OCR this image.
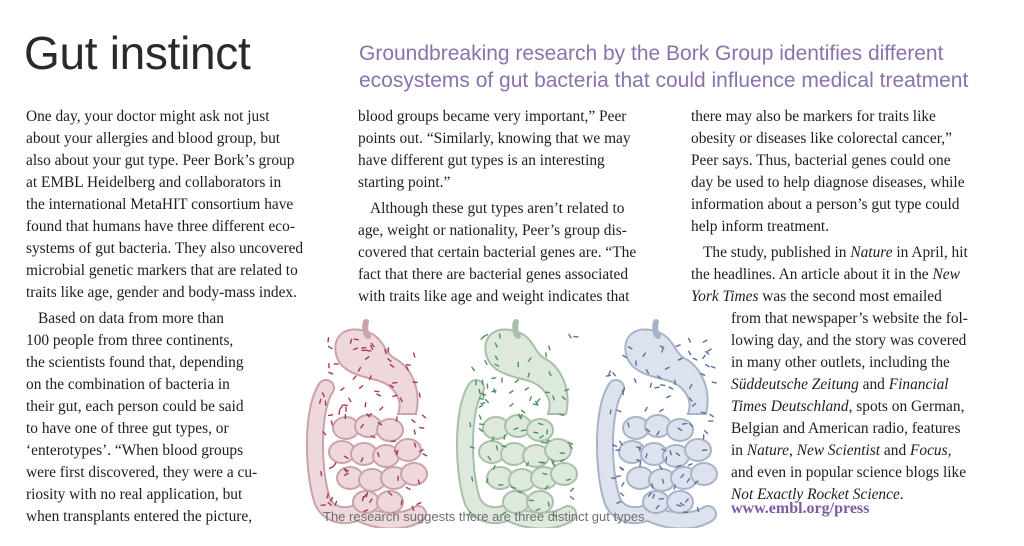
Gut instinct	Groundbreaking research by the Bork Group identifies different
ecosystems of gut bacteria that could influence medical treatment

One day, your doctor might ask not just
about your allergies and blood group, but
also about your gut type. Peer Bork’s group
at EMBL Heidelberg and collaborators in
the international MetaHIT consortium have
found that humans have three different eco-
systems of gut bacteria. They also uncovered
microbial genetic markers that are related to
traits like age, gender and body-mass index.
Based on data from more than
100 people from three continents,
the scientists found that, depending
on the combination of bacteria in
their gut, each person could be said
to have one of three gut types, or
‘enterotypes’. “When blood groups
were first discovered, they were a cu-
riosity with no real application, but
when transplants entered the picture,
blood groups became very important,” Peer
points out. “Similarly, knowing that we may
have different gut types is an interesting
starting point.”
Although these gut types aren’t related to
age, weight or nationality, Peer’s group dis-
covered that certain bacterial genes are. “The
fact that there are bacterial genes associated
with traits like age and weight indicates that
there may also be markers for traits like
obesity or diseases like colorectal cancer,”
Peer says. Thus, bacterial genes could one
day be used to help diagnose diseases, while
information about a person’s gut type could
help inform treatment.
The study, published in Nature in April, hit
the headlines. An article about it in the New
York Times was the second most emailed
from that newspaper’s website the fol-
lowing day, and the story was covered
in many other outlets, including the
Süddeutsche Zeitung and Financial
Times Deutschland, spots on German,
Belgian and American radio, features
in Nature, New Scientist and Focus,
and even in popular science blogs like
Not Exactly Rocket Science.
The research suggests there are three distinct gut types	www.embl.org/press
